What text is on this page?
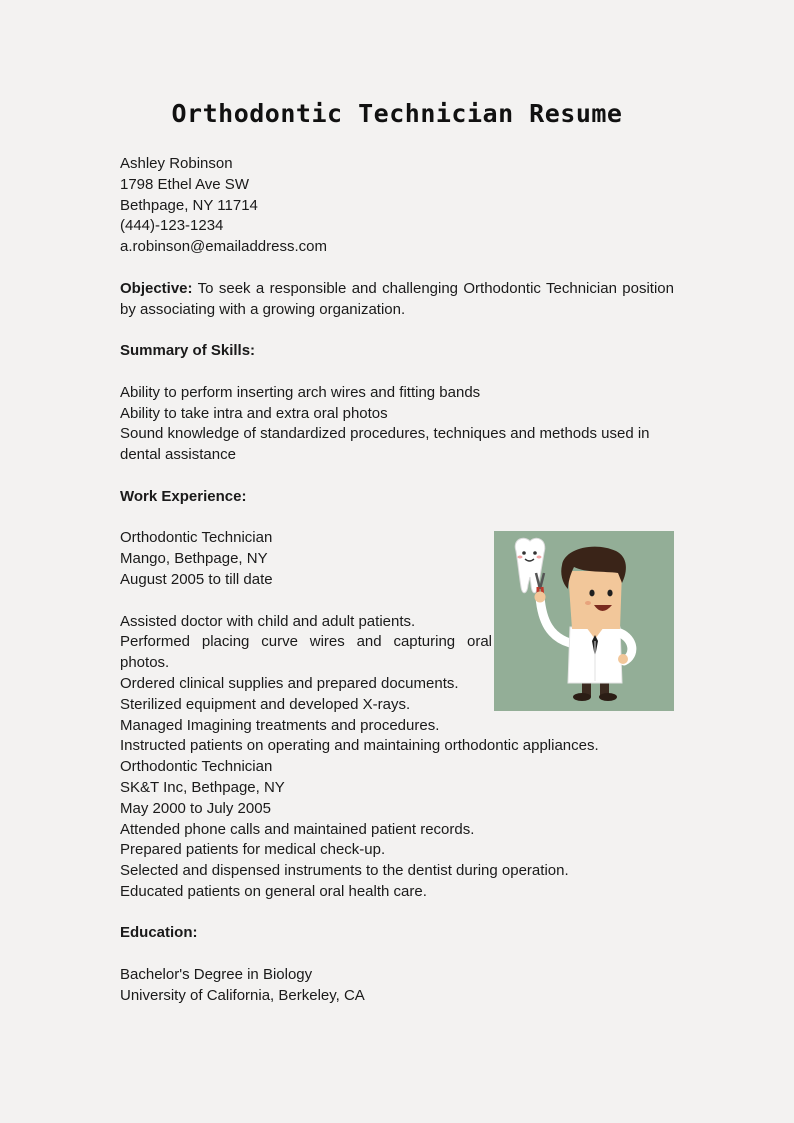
Orthodontic Technician Resume
Ashley Robinson
1798 Ethel Ave SW
Bethpage, NY 11714
(444)-123-1234
a.robinson@emailaddress.com
Objective: To seek a responsible and challenging Orthodontic Technician position by associating with a growing organization.
Summary of Skills:
Ability to perform inserting arch wires and fitting bands
Ability to take intra and extra oral photos
Sound knowledge of standardized procedures, techniques and methods used in dental assistance
Work Experience:
Orthodontic Technician
Mango, Bethpage, NY
August 2005 to till date
Assisted doctor with child and adult patients.
Performed placing curve wires and capturing oral photos.
Ordered clinical supplies and prepared documents.
Sterilized equipment and developed X-rays.
Managed Imagining treatments and procedures.
Instructed patients on operating and maintaining orthodontic appliances.
Orthodontic Technician
SK&T Inc, Bethpage, NY
May 2000 to July 2005
Attended phone calls and maintained patient records.
Prepared patients for medical check-up.
Selected and dispensed instruments to the dentist during operation.
Educated patients on general oral health care.
Education:
Bachelor's Degree in Biology
University of California, Berkeley, CA
